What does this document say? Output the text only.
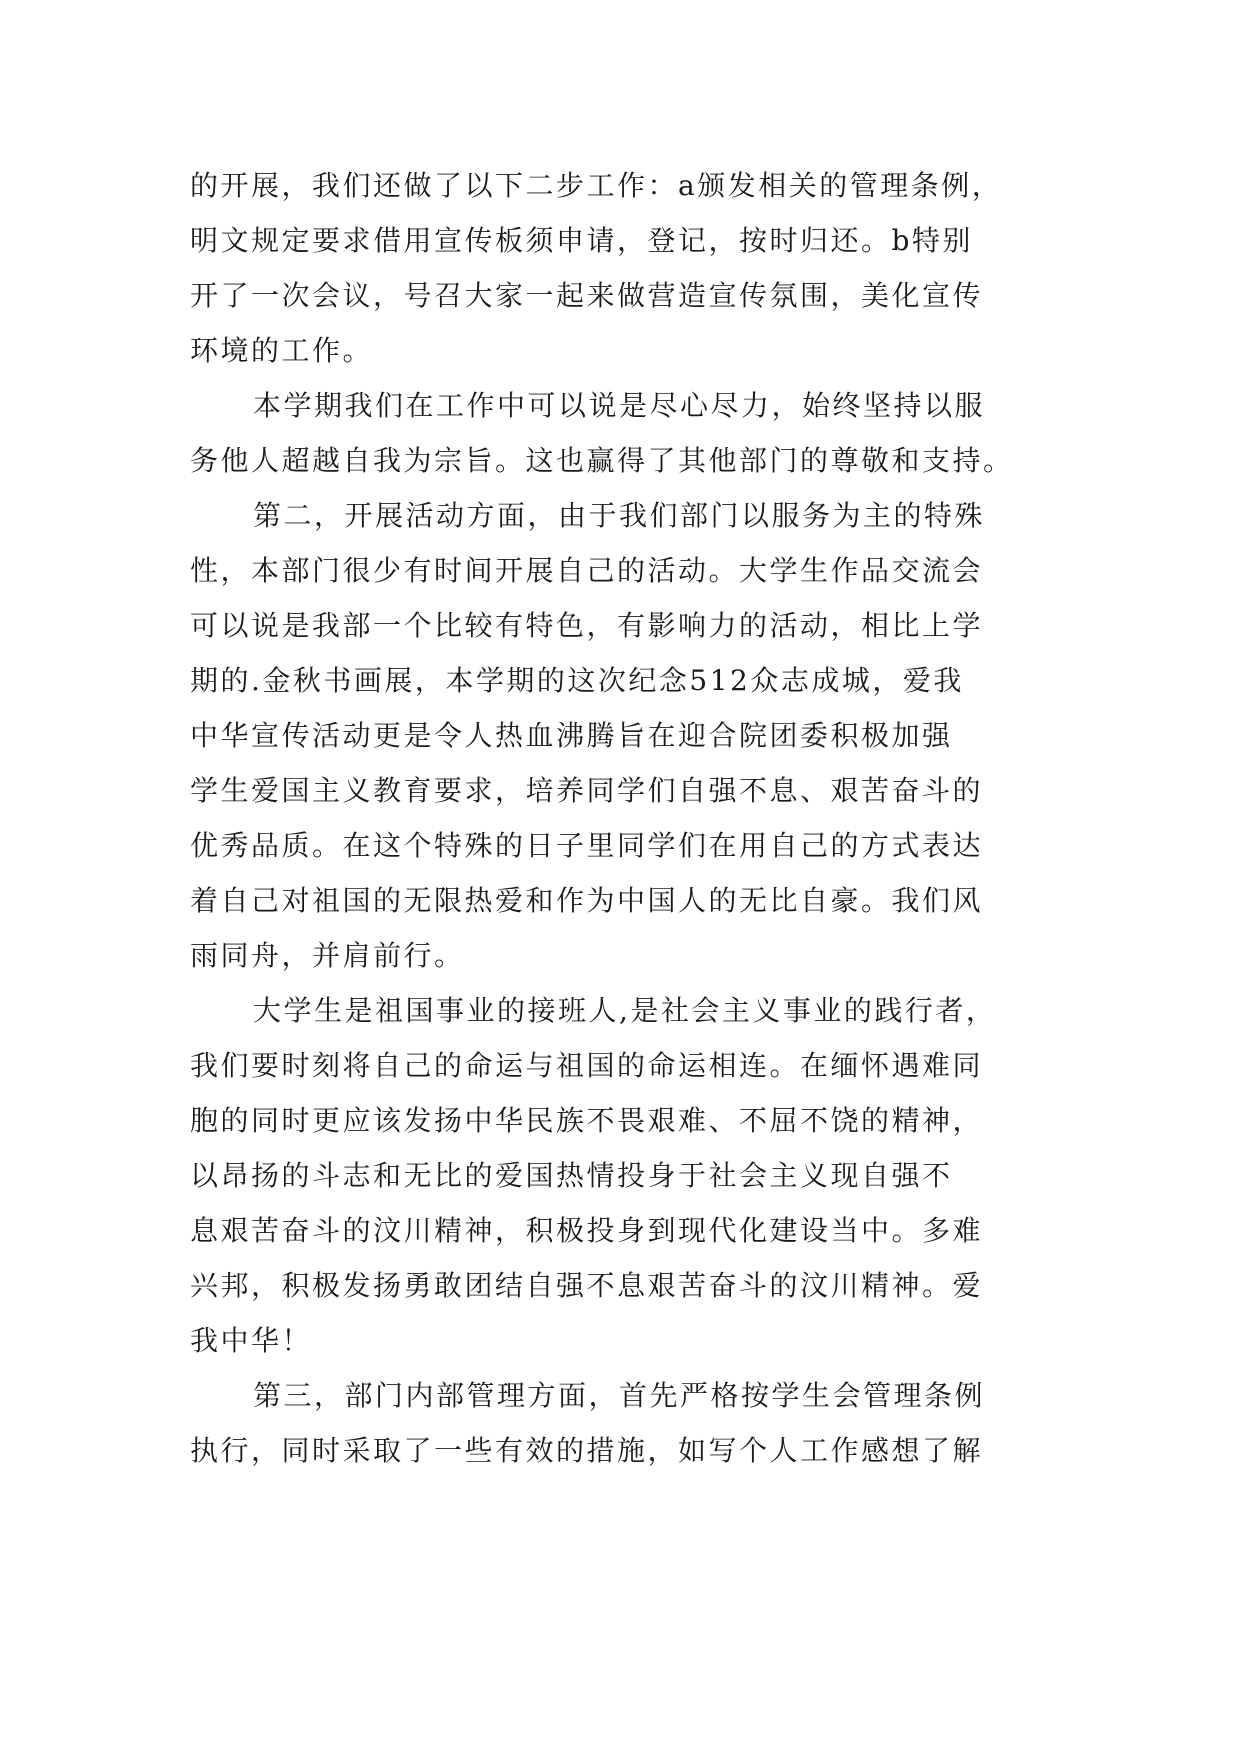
的开展，我们还做了以下二步工作：a颁发相关的管理条例，
明文规定要求借用宣传板须申请，登记，按时归还。b特别
开了一次会议，号召大家一起来做营造宣传氛围，美化宣传
环境的工作。
本学期我们在工作中可以说是尽心尽力，始终坚持以服
务他人超越自我为宗旨。这也赢得了其他部门的尊敬和支持。
第二，开展活动方面，由于我们部门以服务为主的特殊
性，本部门很少有时间开展自己的活动。大学生作品交流会
可以说是我部一个比较有特色，有影响力的活动，相比上学
期的.金秋书画展，本学期的这次纪念512众志成城，爱我
中华宣传活动更是令人热血沸腾旨在迎合院团委积极加强
学生爱国主义教育要求，培养同学们自强不息、艰苦奋斗的
优秀品质。在这个特殊的日子里同学们在用自己的方式表达
着自己对祖国的无限热爱和作为中国人的无比自豪。我们风
雨同舟，并肩前行。
大学生是祖国事业的接班人,是社会主义事业的践行者，
我们要时刻将自己的命运与祖国的命运相连。在缅怀遇难同
胞的同时更应该发扬中华民族不畏艰难、不屈不饶的精神，
以昂扬的斗志和无比的爱国热情投身于社会主义现自强不
息艰苦奋斗的汶川精神，积极投身到现代化建设当中。多难
兴邦，积极发扬勇敢团结自强不息艰苦奋斗的汶川精神。爱
我中华！
第三，部门内部管理方面，首先严格按学生会管理条例
执行，同时采取了一些有效的措施，如写个人工作感想了解
